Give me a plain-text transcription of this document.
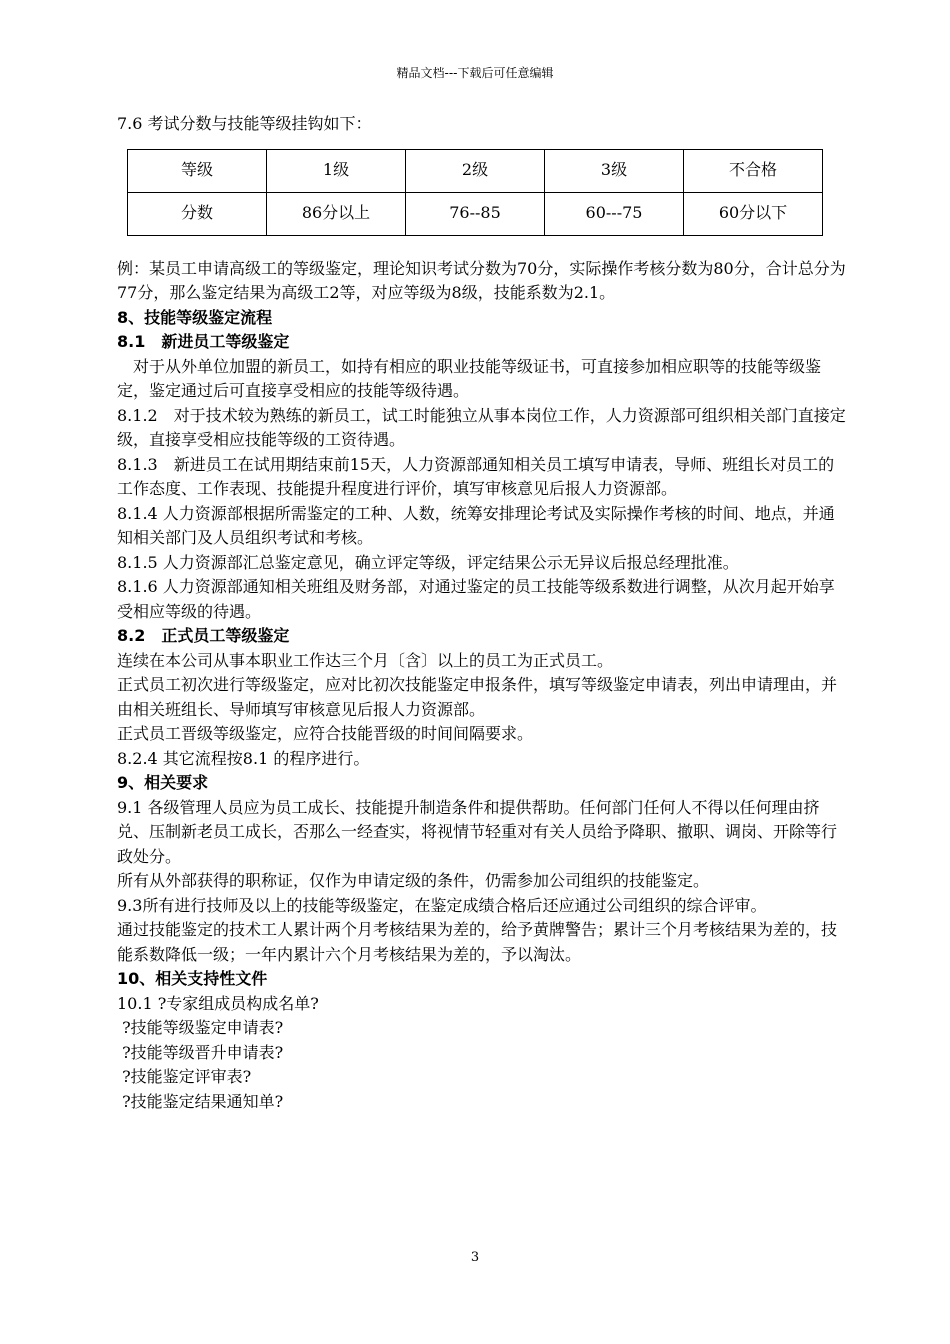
精品文档---下载后可任意编辑

7.6 考试分数与技能等级挂钩如下：

等级	1级	2级	3级	不合格
分数	86分以上	76--85	60---75	60分以下

例：某员工申请高级工的等级鉴定，理论知识考试分数为70分，实际操作考核分数为80分，合计总分为77分，那么鉴定结果为高级工2等，对应等级为8级，技能系数为2.1。

8、技能等级鉴定流程

8.1　新进员工等级鉴定

对于从外单位加盟的新员工，如持有相应的职业技能等级证书，可直接参加相应职等的技能等级鉴定，鉴定通过后可直接享受相应的技能等级待遇。

8.1.2　对于技术较为熟练的新员工，试工时能独立从事本岗位工作，人力资源部可组织相关部门直接定级，直接享受相应技能等级的工资待遇。

8.1.3　新进员工在试用期结束前15天，人力资源部通知相关员工填写申请表，导师、班组长对员工的工作态度、工作表现、技能提升程度进行评价，填写审核意见后报人力资源部。

8.1.4 人力资源部根据所需鉴定的工种、人数，统筹安排理论考试及实际操作考核的时间、地点，并通知相关部门及人员组织考试和考核。

8.1.5 人力资源部汇总鉴定意见，确立评定等级，评定结果公示无异议后报总经理批准。

8.1.6 人力资源部通知相关班组及财务部，对通过鉴定的员工技能等级系数进行调整，从次月起开始享受相应等级的待遇。

8.2　正式员工等级鉴定

连续在本公司从事本职业工作达三个月〔含〕以上的员工为正式员工。

正式员工初次进行等级鉴定，应对比初次技能鉴定申报条件，填写等级鉴定申请表，列出申请理由，并由相关班组长、导师填写审核意见后报人力资源部。

正式员工晋级等级鉴定，应符合技能晋级的时间间隔要求。

8.2.4 其它流程按8.1 的程序进行。

9、相关要求

9.1 各级管理人员应为员工成长、技能提升制造条件和提供帮助。任何部门任何人不得以任何理由挤兑、压制新老员工成长，否那么一经查实，将视情节轻重对有关人员给予降职、撤职、调岗、开除等行政处分。

所有从外部获得的职称证，仅作为申请定级的条件，仍需参加公司组织的技能鉴定。

9.3所有进行技师及以上的技能等级鉴定，在鉴定成绩合格后还应通过公司组织的综合评审。

通过技能鉴定的技术工人累计两个月考核结果为差的，给予黄牌警告；累计三个月考核结果为差的，技能系数降低一级；一年内累计六个月考核结果为差的，予以淘汰。

10、相关支持性文件

10.1 ?专家组成员构成名单?

?技能等级鉴定申请表?

?技能等级晋升申请表?

?技能鉴定评审表?

?技能鉴定结果通知单?

3
